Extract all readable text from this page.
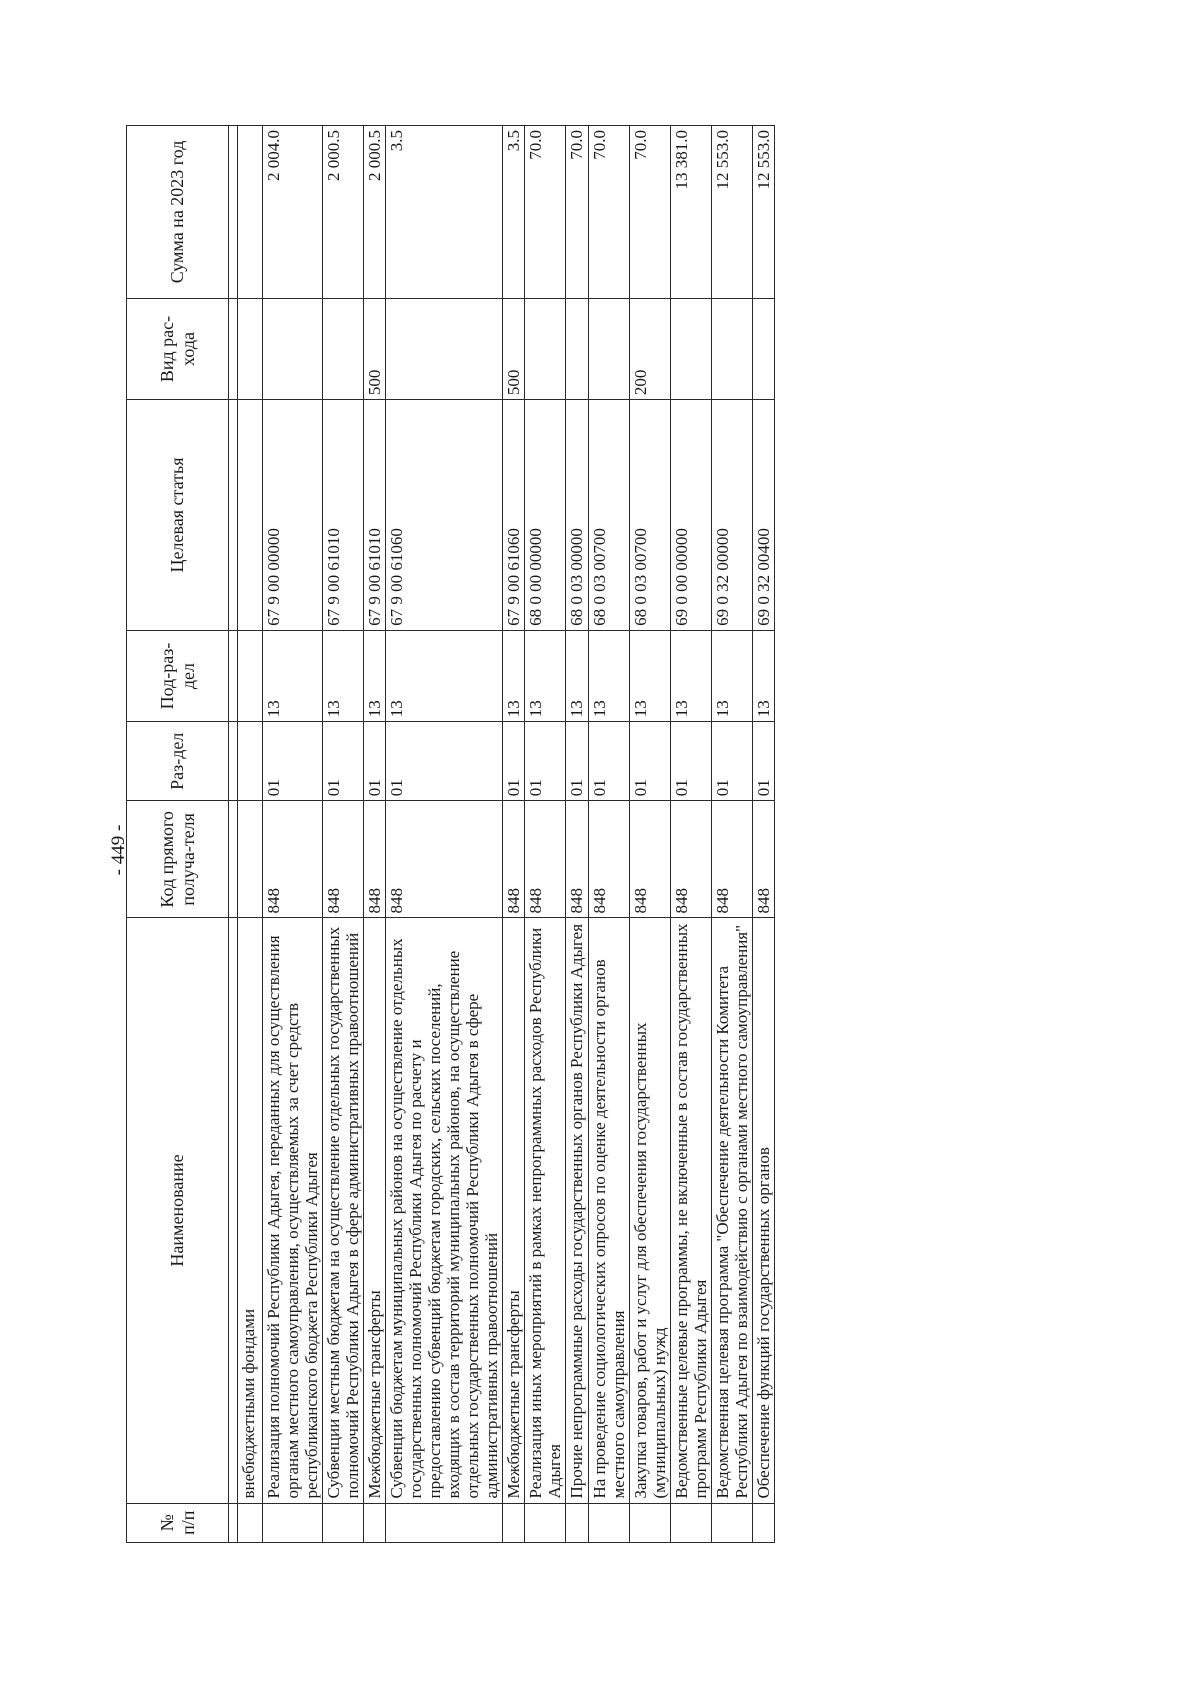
- 449 -
№ п/п	Наименование	Код прямого получа-теля	Раз-дел	Под-раз-дел	Целевая статья	Вид рас-хода	Сумма на 2023 год

	внебюджетными фондами						
	Реализация полномочий Республики Адыгея, переданных для осуществления органам местного самоуправления, осуществляемых за счет средств республиканского бюджета Республики Адыгея	848	01	13	67 9 00 00000		2 004.0
	Субвенции местным бюджетам на осуществление отдельных государственных полномочий Республики Адыгея в сфере административных правоотношений	848	01	13	67 9 00 61010		2 000.5
	Межбюджетные трансферты	848	01	13	67 9 00 61010	500	2 000.5
	Субвенции бюджетам муниципальных районов на осуществление отдельных государственных полномочий Республики Адыгея по расчету и предоставлению субвенций бюджетам городских, сельских поселений, входящих в состав территорий муниципальных районов, на осуществление отдельных государственных полномочий Республики Адыгея в сфере административных правоотношений	848	01	13	67 9 00 61060		3.5
	Межбюджетные трансферты	848	01	13	67 9 00 61060	500	3.5
	Реализация иных мероприятий в рамках непрограммных расходов Республики Адыгея	848	01	13	68 0 00 00000		70.0
	Прочие непрограммные расходы государственных органов Республики Адыгея	848	01	13	68 0 03 00000		70.0
	На проведение социологических опросов по оценке деятельности органов местного самоуправления	848	01	13	68 0 03 00700		70.0
	Закупка товаров, работ и услуг для обеспечения государственных (муниципальных) нужд	848	01	13	68 0 03 00700	200	70.0
	Ведомственные целевые программы, не включенные в состав государственных программ Республики Адыгея	848	01	13	69 0 00 00000		13 381.0
	Ведомственная целевая программа "Обеспечение деятельности Комитета Республики Адыгея по взаимодействию с органами местного самоуправления"	848	01	13	69 0 32 00000		12 553.0
	Обеспечение функций государственных органов	848	01	13	69 0 32 00400		12 553.0
